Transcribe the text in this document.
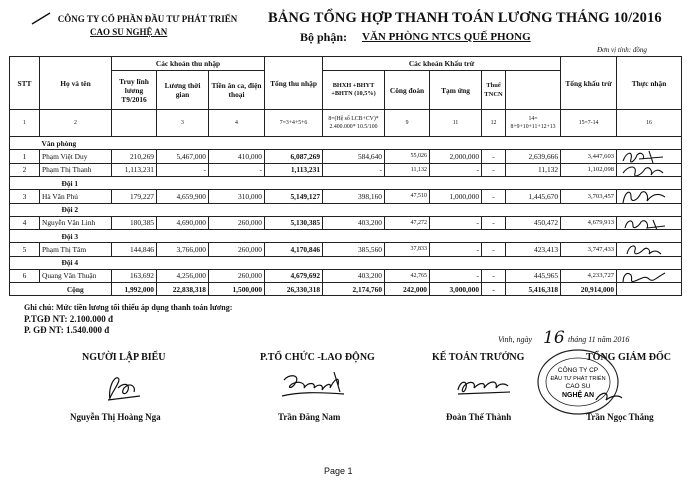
CÔNG TY CỔ PHẦN ĐẦU TƯ PHÁT TRIỂN
CAO SU NGHỆ AN
BẢNG TỔNG HỢP THANH TOÁN LƯƠNG THÁNG 10/2016
Bộ phận: VĂN PHÒNG NTCS QUẾ PHONG
Đơn vị tính: đồng
STT	Họ và tên	Các khoản thu nhập			Tổng thu nhập	Các khoản Khấu trừ					Tổng khấu trừ	Thực nhận	
		Truy lĩnh lương T9/2016	Lương thời gian	Tiền ăn ca, điện thoại		BHXH +BHYT +BHTN (10,5%)	Công đoàn	Tạm ứng	Thuế TNCN				
1	2		3	4	7=3+4+5+6	8=(Hệ số LCB+CV)* 2.400.000* 10.5/100	9	11	12	14= 8+9+10+11+12+13	15=7-14	16	
	Văn phòng												
1	Phạm Việt Duy	210,269	5,467,000	410,000	6,087,269	584,640	55,026	2,000,000	-	2,639,666	3,447,603	

2	Phạm Thị Thanh	1,113,231	-	-	1,113,231	-	11,132	-	-	11,132	1,102,098	

	Đội 1												
3	Hà Văn Phú	179,227	4,659,900	310,000	5,149,127	398,160	47,510	1,000,000	-	1,445,670	3,703,457	

	Đội 2												
4	Nguyễn Văn Linh	180,385	4,690,000	260,000	5,130,385	403,200	47,272	-	-	450,472	4,679,913	

	Đội 3												
5	Phạm Thị Tâm	144,846	3,766,000	260,000	4,170,846	385,560	37,833	-	-	423,413	3,747,433	

	Đội 4												
6	Quang Văn Thuận	163,692	4,256,000	260,000	4,679,692	403,200	42,765	-	-	445,965	4,233,727	

	Cộng	1,992,000	22,838,318	1,500,000	26,330,318	2,174,760	242,000	3,000,000	-	5,416,318	20,914,000		
Ghi chú: Mức tiền lương tối thiểu áp dụng thanh toán lương:
P.TGĐ NT: 2.100.000 đ
P. GĐ NT: 1.540.000 đ
Vinh, ngày 16 tháng 11 năm 2016
NGƯỜI LẬP BIỂU	P.TỔ CHỨC -LAO ĐỘNG	KẾ TOÁN TRƯỞNG	TỔNG GIÁM ĐỐC
CÔNG TY CP
ĐẦU TƯ PHÁT TRIỂN
CAO SU
NGHỆ AN
Nguyễn Thị Hoàng Nga	Trần Đăng Nam	Đoàn Thế Thành	Trần Ngọc Thắng
Page 1
